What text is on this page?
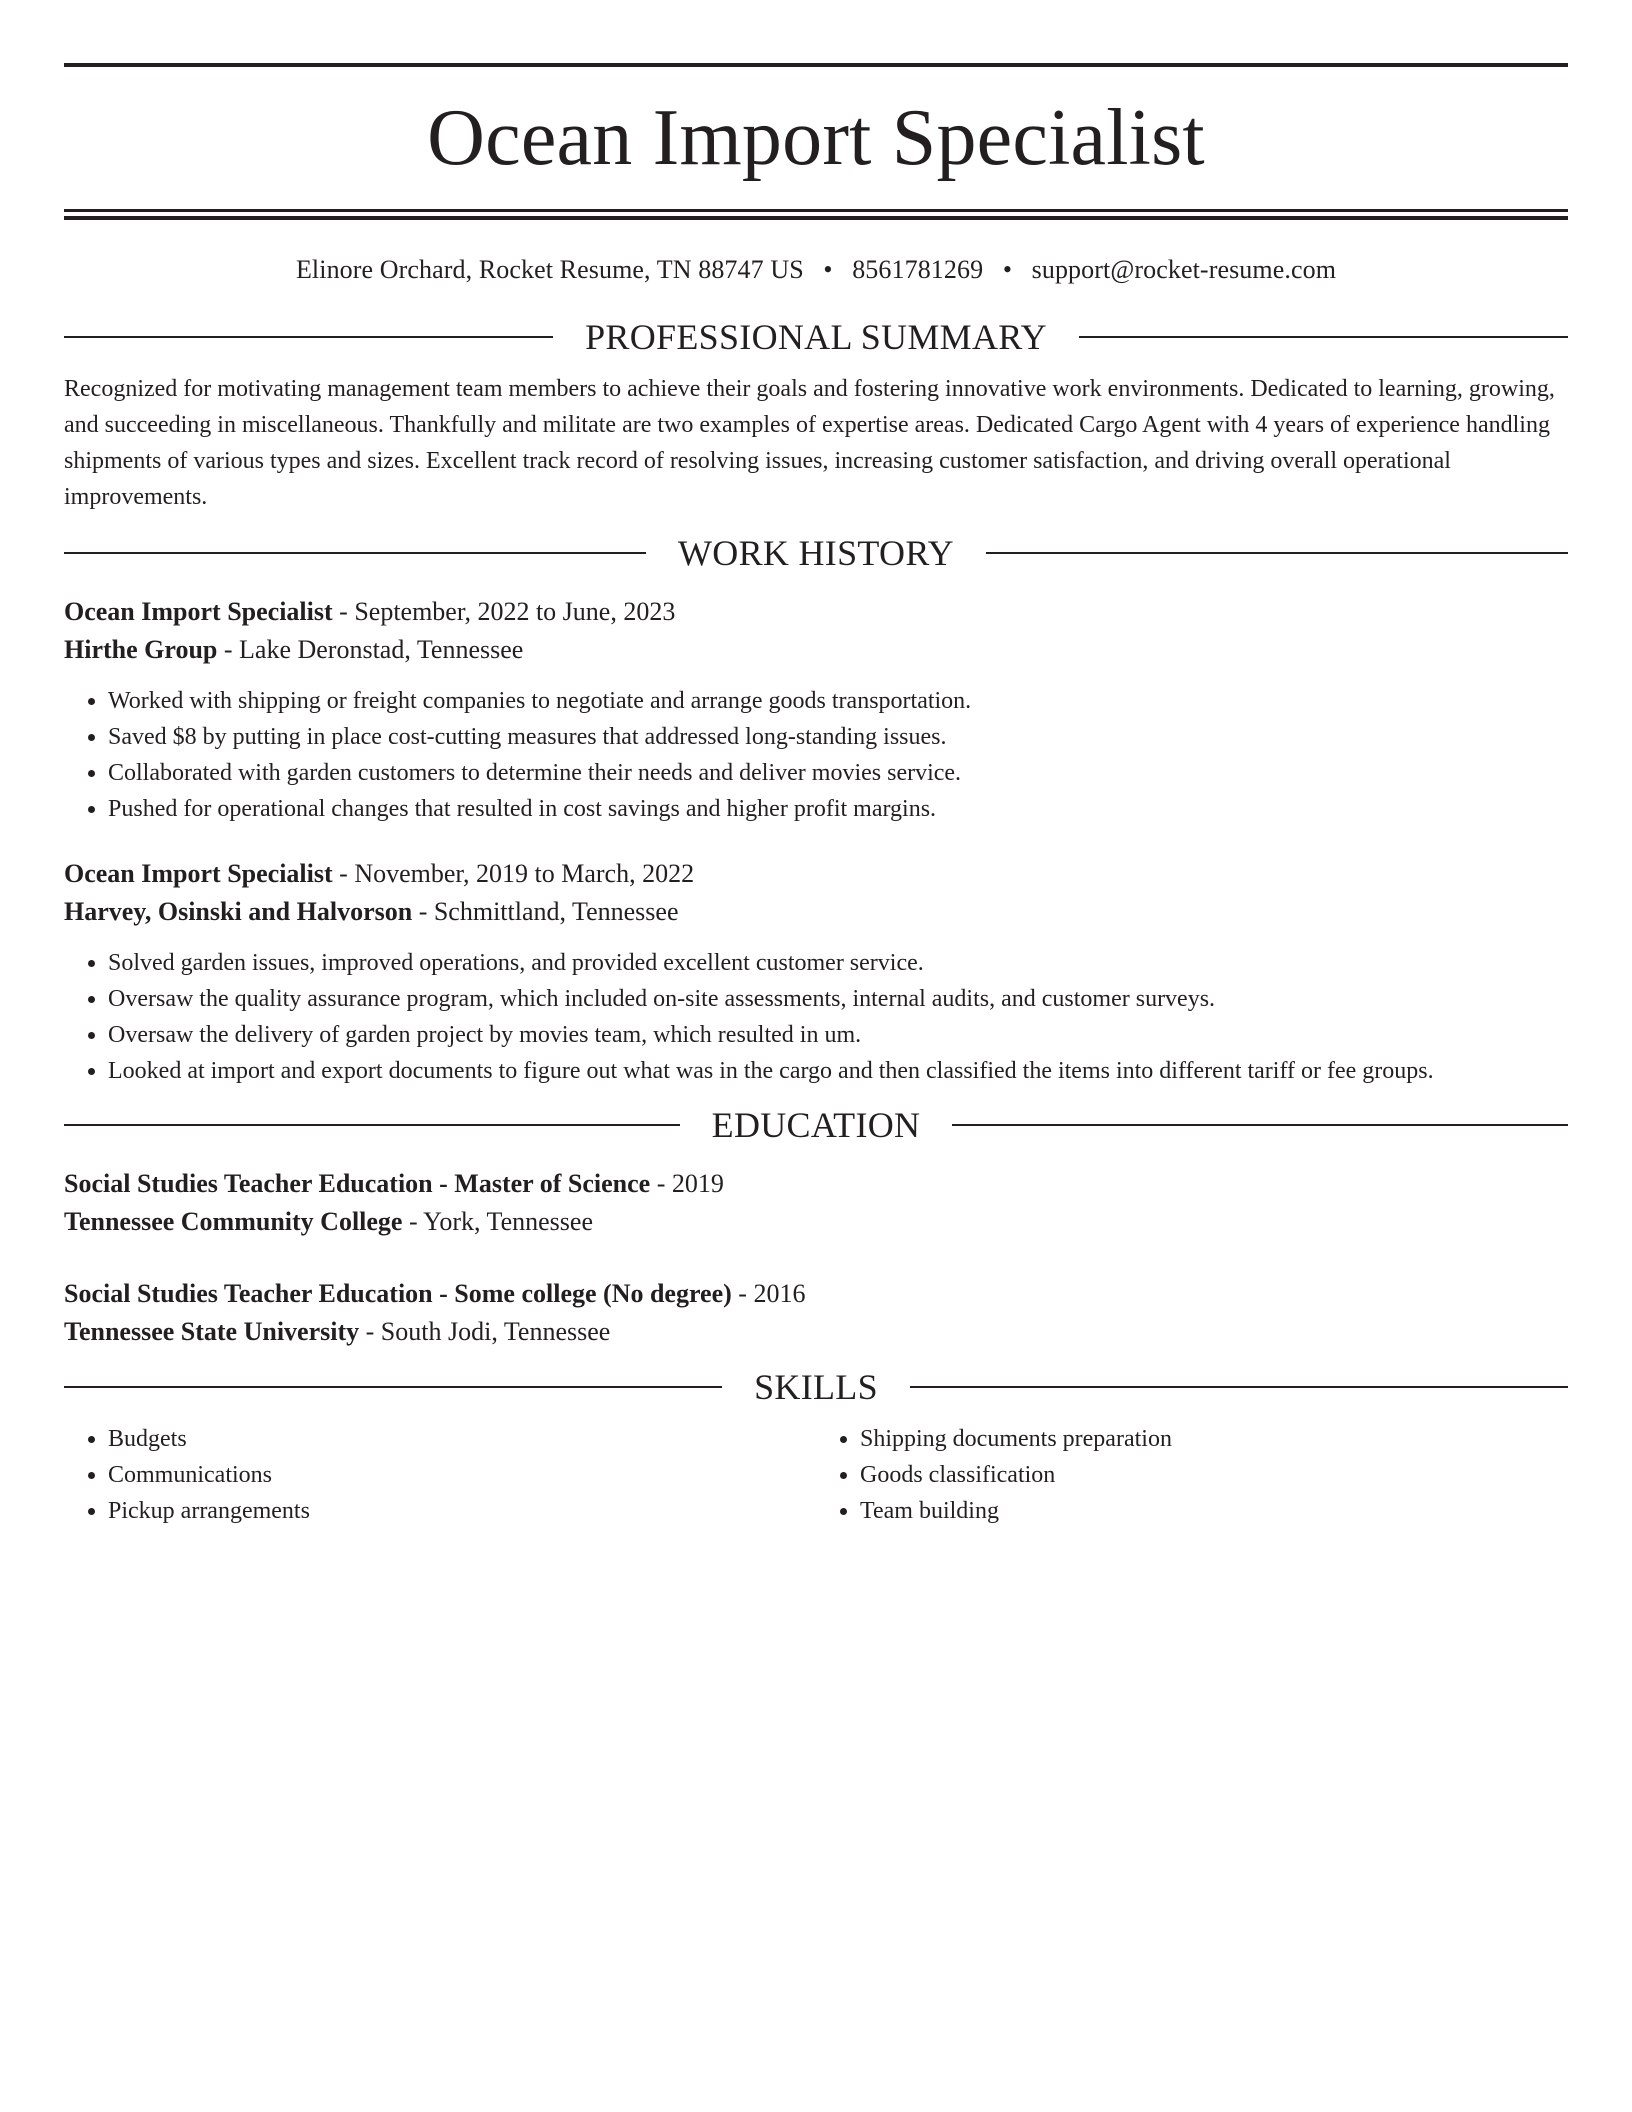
Ocean Import Specialist
Elinore Orchard, Rocket Resume, TN 88747 US • 8561781269 • support@rocket-resume.com
PROFESSIONAL SUMMARY
Recognized for motivating management team members to achieve their goals and fostering innovative work environments. Dedicated to learning, growing, and succeeding in miscellaneous. Thankfully and militate are two examples of expertise areas. Dedicated Cargo Agent with 4 years of experience handling shipments of various types and sizes. Excellent track record of resolving issues, increasing customer satisfaction, and driving overall operational improvements.
WORK HISTORY
Ocean Import Specialist - September, 2022 to June, 2023
Hirthe Group - Lake Deronstad, Tennessee
• Worked with shipping or freight companies to negotiate and arrange goods transportation.
• Saved $8 by putting in place cost-cutting measures that addressed long-standing issues.
• Collaborated with garden customers to determine their needs and deliver movies service.
• Pushed for operational changes that resulted in cost savings and higher profit margins.
Ocean Import Specialist - November, 2019 to March, 2022
Harvey, Osinski and Halvorson - Schmittland, Tennessee
• Solved garden issues, improved operations, and provided excellent customer service.
• Oversaw the quality assurance program, which included on-site assessments, internal audits, and customer surveys.
• Oversaw the delivery of garden project by movies team, which resulted in um.
• Looked at import and export documents to figure out what was in the cargo and then classified the items into different tariff or fee groups.
EDUCATION
Social Studies Teacher Education - Master of Science - 2019
Tennessee Community College - York, Tennessee
Social Studies Teacher Education - Some college (No degree) - 2016
Tennessee State University - South Jodi, Tennessee
SKILLS
• Budgets
• Communications
• Pickup arrangements
• Shipping documents preparation
• Goods classification
• Team building
